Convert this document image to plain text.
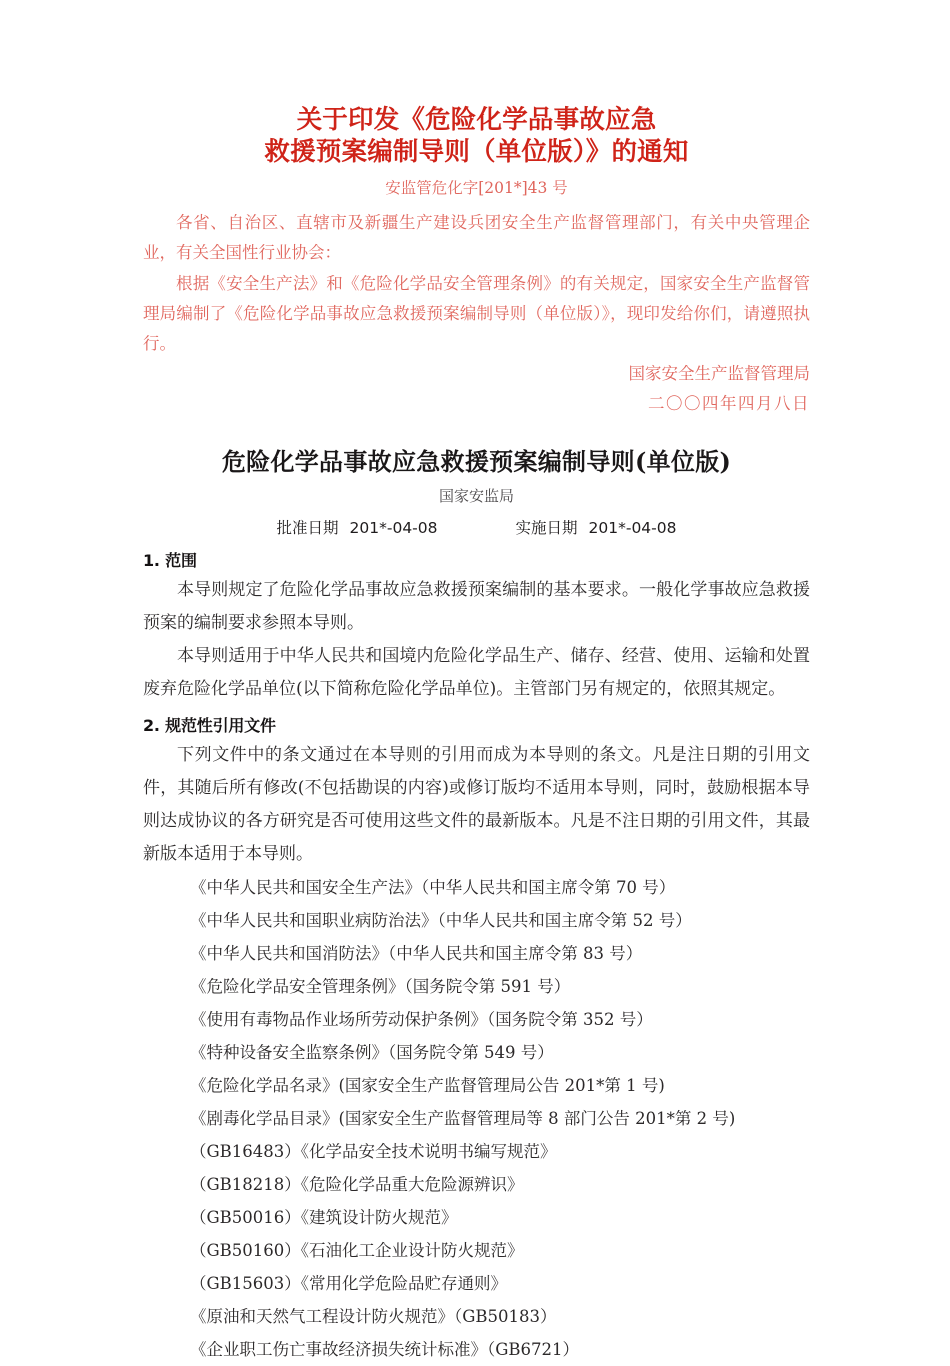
关于印发《危险化学品事故应急
救援预案编制导则（单位版）》的通知

安监管危化字[201*]43 号

各省、自治区、直辖市及新疆生产建设兵团安全生产监督管理部门，有关中央管理企业，有关全国性行业协会：

根据《安全生产法》和《危险化学品安全管理条例》的有关规定，国家安全生产监督管理局编制了《危险化学品事故应急救援预案编制导则（单位版）》，现印发给你们，请遵照执行。

国家安全生产监督管理局

二〇〇四年四月八日

危险化学品事故应急救援预案编制导则(单位版)

国家安监局

批准日期 201*-04-08	实施日期 201*-04-08

1. 范围

本导则规定了危险化学品事故应急救援预案编制的基本要求。一般化学事故应急救援预案的编制要求参照本导则。

本导则适用于中华人民共和国境内危险化学品生产、储存、经营、使用、运输和处置废弃危险化学品单位(以下简称危险化学品单位)。主管部门另有规定的，依照其规定。

2. 规范性引用文件

下列文件中的条文通过在本导则的引用而成为本导则的条文。凡是注日期的引用文件，其随后所有修改(不包括勘误的内容)或修订版均不适用本导则，同时，鼓励根据本导则达成协议的各方研究是否可使用这些文件的最新版本。凡是不注日期的引用文件，其最新版本适用于本导则。

《中华人民共和国安全生产法》（中华人民共和国主席令第 70 号）
《中华人民共和国职业病防治法》（中华人民共和国主席令第 52 号）
《中华人民共和国消防法》（中华人民共和国主席令第 83 号）
《危险化学品安全管理条例》（国务院令第 591 号）
《使用有毒物品作业场所劳动保护条例》（国务院令第 352 号）
《特种设备安全监察条例》（国务院令第 549 号）
《危险化学品名录》(国家安全生产监督管理局公告 201*第 1 号)
《剧毒化学品目录》(国家安全生产监督管理局等 8 部门公告 201*第 2 号)
（GB16483）《化学品安全技术说明书编写规范》
（GB18218）《危险化学品重大危险源辨识》
（GB50016）《建筑设计防火规范》
（GB50160）《石油化工企业设计防火规范》
（GB15603）《常用化学危险品贮存通则》
《原油和天然气工程设计防火规范》（GB50183）
《企业职工伤亡事故经济损失统计标准》（GB6721）
